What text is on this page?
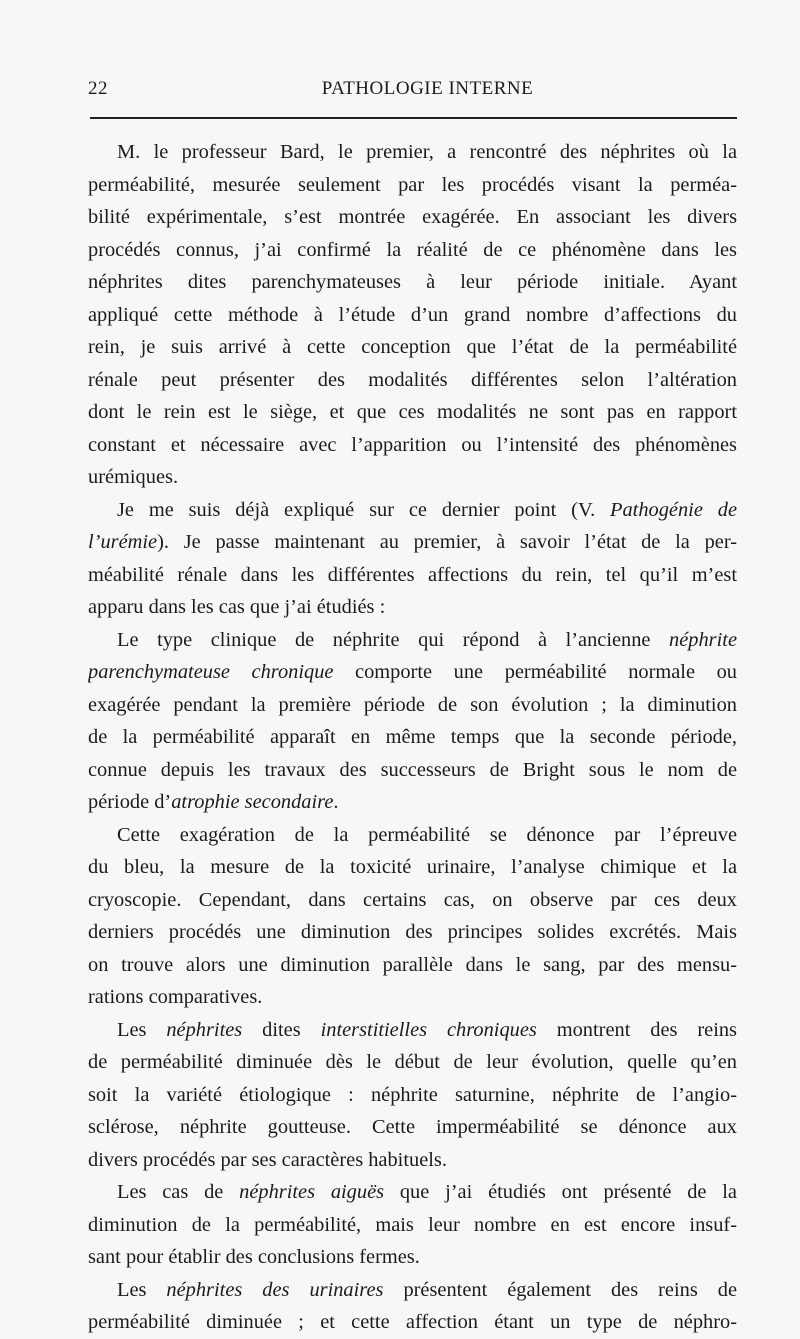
22	PATHOLOGIE INTERNE
M. le professeur Bard, le premier, a rencontré des néphrites où la
perméabilité, mesurée seulement par les procédés visant la perméa-
bilité expérimentale, s’est montrée exagérée. En associant les divers
procédés connus, j’ai confirmé la réalité de ce phénomène dans les
néphrites dites parenchymateuses à leur période initiale. Ayant
appliqué cette méthode à l’étude d’un grand nombre d’affections du
rein, je suis arrivé à cette conception que l’état de la perméabilité
rénale peut présenter des modalités différentes selon l’altération
dont le rein est le siège, et que ces modalités ne sont pas en rapport
constant et nécessaire avec l’apparition ou l’intensité des phénomènes
urémiques.
Je me suis déjà expliqué sur ce dernier point (V. Pathogénie de
l’urémie). Je passe maintenant au premier, à savoir l’état de la per-
méabilité rénale dans les différentes affections du rein, tel qu’il m’est
apparu dans les cas que j’ai étudiés :
Le type clinique de néphrite qui répond à l’ancienne néphrite
parenchymateuse chronique comporte une perméabilité normale ou
exagérée pendant la première période de son évolution ; la diminution
de la perméabilité apparaît en même temps que la seconde période,
connue depuis les travaux des successeurs de Bright sous le nom de
période d’atrophie secondaire.
Cette exagération de la perméabilité se dénonce par l’épreuve
du bleu, la mesure de la toxicité urinaire, l’analyse chimique et la
cryoscopie. Cependant, dans certains cas, on observe par ces deux
derniers procédés une diminution des principes solides excrétés. Mais
on trouve alors une diminution parallèle dans le sang, par des mensu-
rations comparatives.
Les néphrites dites interstitielles chroniques montrent des reins
de perméabilité diminuée dès le début de leur évolution, quelle qu’en
soit la variété étiologique : néphrite saturnine, néphrite de l’angio-
sclérose, néphrite goutteuse. Cette imperméabilité se dénonce aux
divers procédés par ses caractères habituels.
Les cas de néphrites aiguës que j’ai étudiés ont présenté de la
diminution de la perméabilité, mais leur nombre en est encore insuf-
sant pour établir des conclusions fermes.
Les néphrites des urinaires présentent également des reins de
perméabilité diminuée ; et cette affection étant un type de néphro-
